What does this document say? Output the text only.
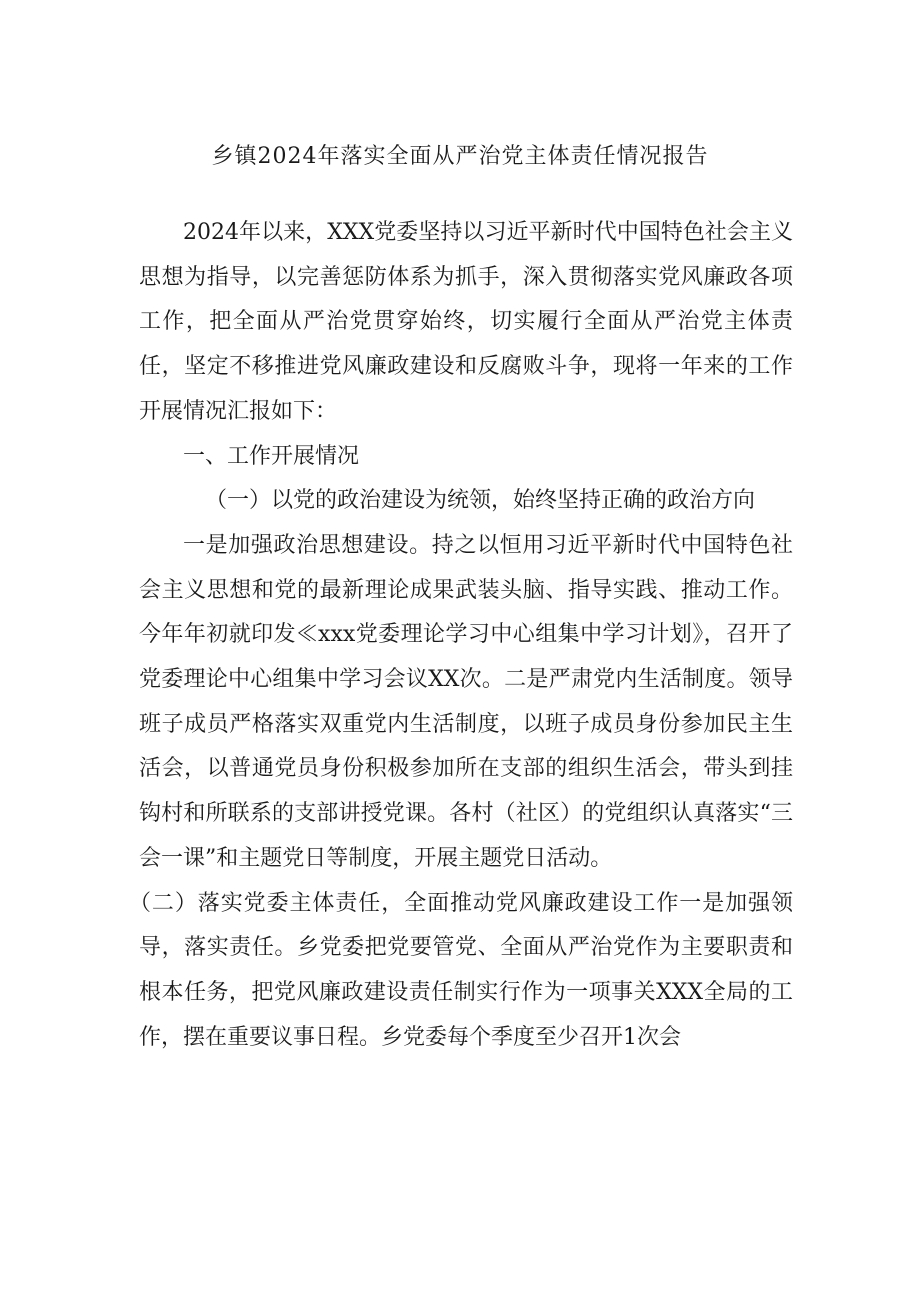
乡镇2024年落实全面从严治党主体责任情况报告

2024年以来，XXX党委坚持以习近平新时代中国特色社会主义思想为指导，以完善惩防体系为抓手，深入贯彻落实党风廉政各项工作，把全面从严治党贯穿始终，切实履行全面从严治党主体责任，坚定不移推进党风廉政建设和反腐败斗争，现将一年来的工作开展情况汇报如下：

一、工作开展情况

（一）以党的政治建设为统领，始终坚持正确的政治方向

一是加强政治思想建设。持之以恒用习近平新时代中国特色社会主义思想和党的最新理论成果武装头脑、指导实践、推动工作。今年年初就印发≪xxx党委理论学习中心组集中学习计划》，召开了党委理论中心组集中学习会议XX次。二是严肃党内生活制度。领导班子成员严格落实双重党内生活制度，以班子成员身份参加民主生活会，以普通党员身份积极参加所在支部的组织生活会，带头到挂钩村和所联系的支部讲授党课。各村（社区）的党组织认真落实“三会一课”和主题党日等制度，开展主题党日活动。

（二）落实党委主体责任，全面推动党风廉政建设工作一是加强领导，落实责任。乡党委把党要管党、全面从严治党作为主要职责和根本任务，把党风廉政建设责任制实行作为一项事关XXX全局的工作，摆在重要议事日程。乡党委每个季度至少召开1次会
